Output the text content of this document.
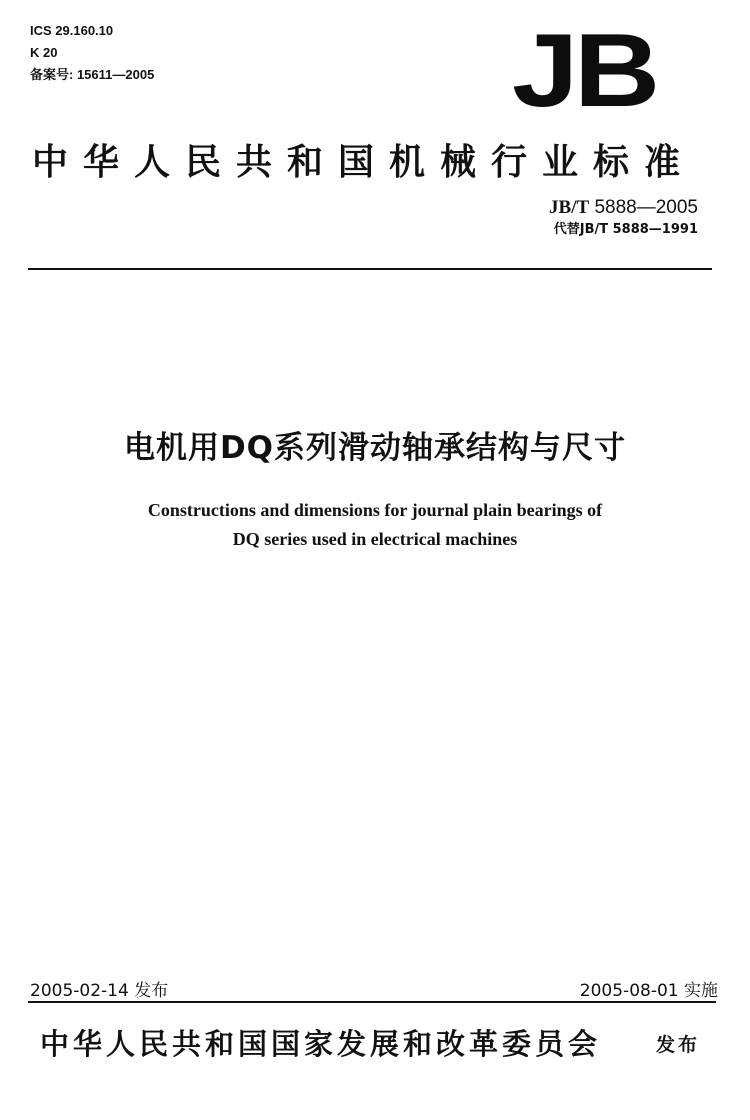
ICS 29.160.10
K 20
备案号: 15611—2005	JB
中华人民共和国机械行业标准
JB/T 5888—2005
代替JB/T 5888—1991
电机用DQ系列滑动轴承结构与尺寸
Constructions and dimensions for journal plain bearings of
DQ series used in electrical machines
2005-02-14 发布	2005-08-01 实施
中华人民共和国国家发展和改革委员会	发布
